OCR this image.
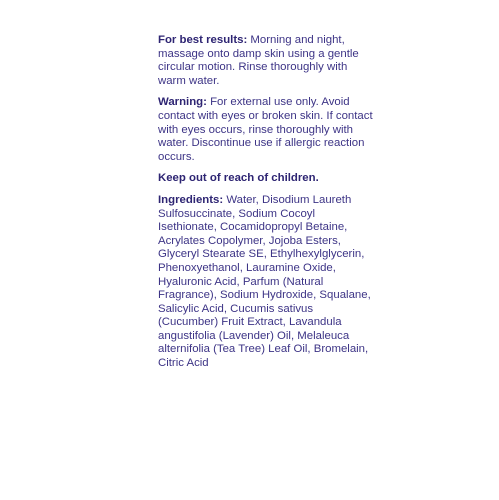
For best results: Morning and night, massage onto damp skin using a gentle circular motion. Rinse thoroughly with warm water.

Warning: For external use only. Avoid contact with eyes or broken skin. If contact with eyes occurs, rinse thoroughly with water. Discontinue use if allergic reaction occurs.

Keep out of reach of children.

Ingredients: Water, Disodium Laureth Sulfosuccinate, Sodium Cocoyl Isethionate, Cocamidopropyl Betaine, Acrylates Copolymer, Jojoba Esters, Glyceryl Stearate SE, Ethylhexylglycerin, Phenoxyethanol, Lauramine Oxide, Hyaluronic Acid, Parfum (Natural Fragrance), Sodium Hydroxide, Squalane, Salicylic Acid, Cucumis sativus (Cucumber) Fruit Extract, Lavandula angustifolia (Lavender) Oil, Melaleuca alternifolia (Tea Tree) Leaf Oil, Bromelain, Citric Acid
